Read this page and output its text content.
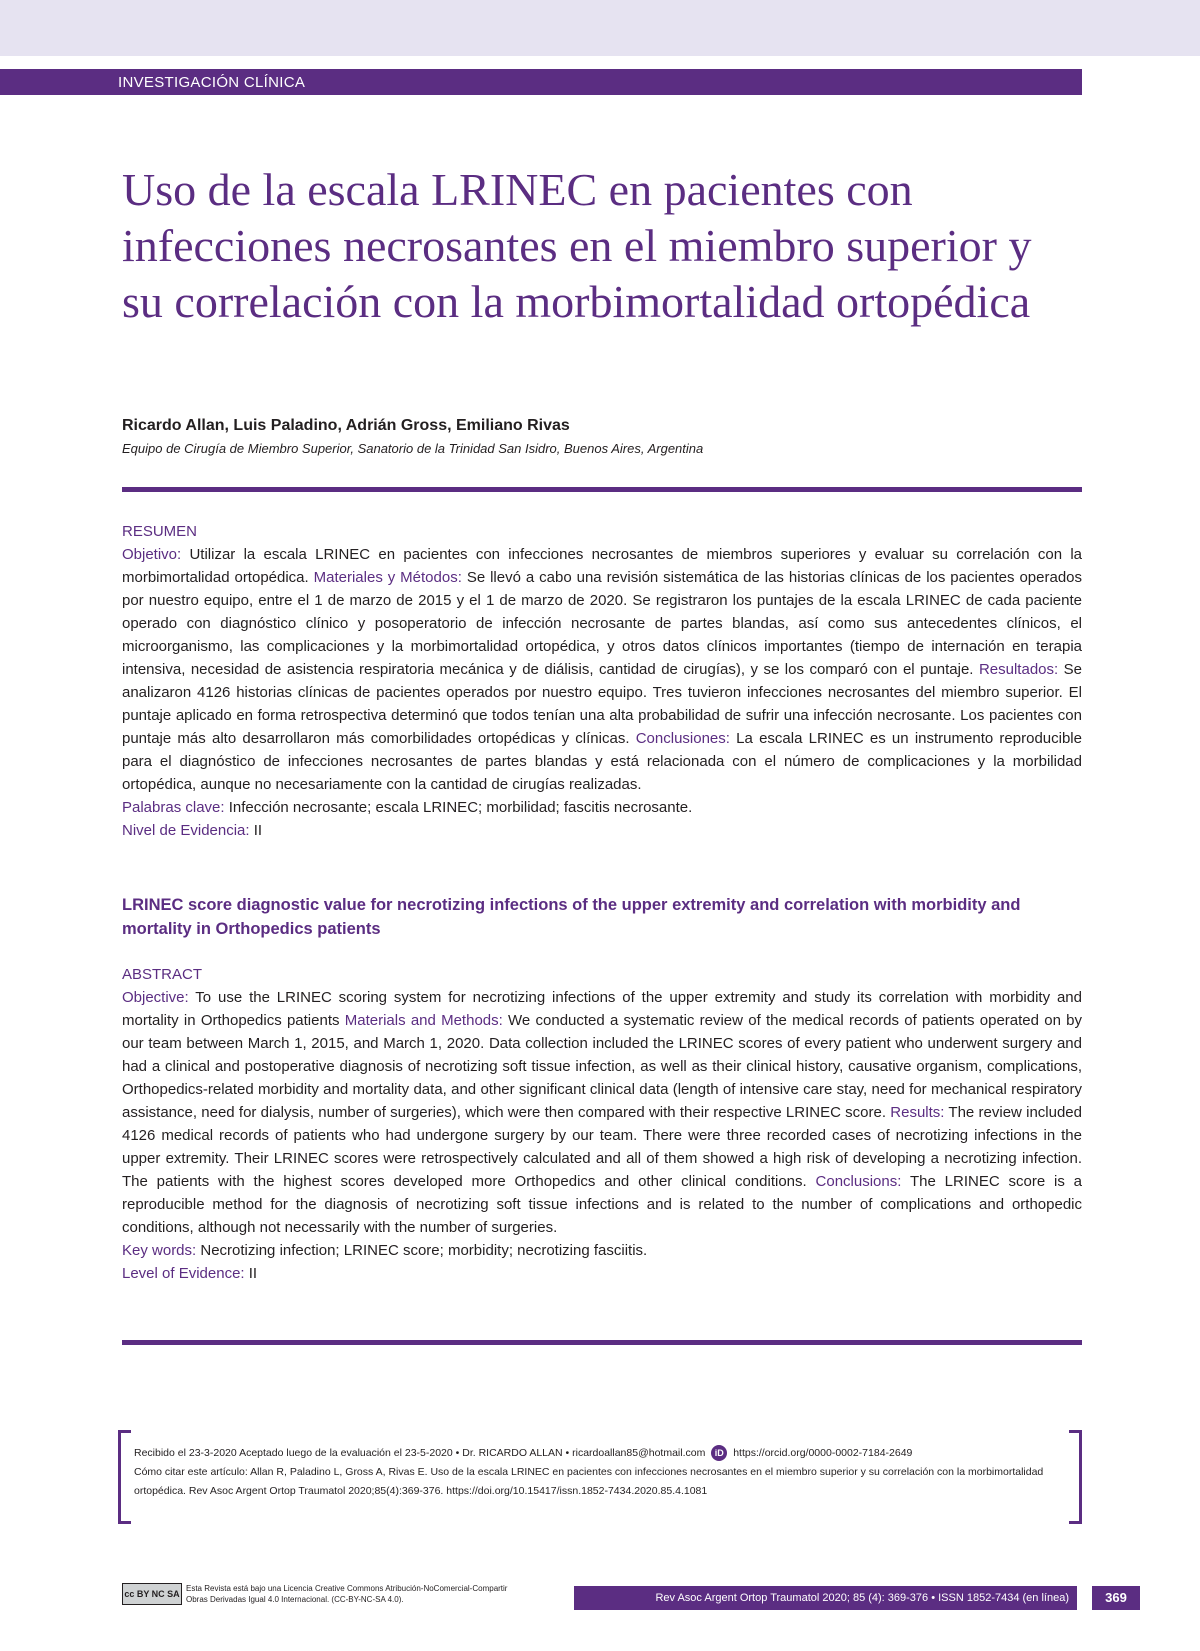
INVESTIGACIÓN CLÍNICA
Uso de la escala LRINEC en pacientes con infecciones necrosantes en el miembro superior y su correlación con la morbimortalidad ortopédica
Ricardo Allan, Luis Paladino, Adrián Gross, Emiliano Rivas
Equipo de Cirugía de Miembro Superior, Sanatorio de la Trinidad San Isidro, Buenos Aires, Argentina
RESUMEN
Objetivo: Utilizar la escala LRINEC en pacientes con infecciones necrosantes de miembros superiores y evaluar su correlación con la morbimortalidad ortopédica. Materiales y Métodos: Se llevó a cabo una revisión sistemática de las historias clínicas de los pacientes operados por nuestro equipo, entre el 1 de marzo de 2015 y el 1 de marzo de 2020. Se registraron los puntajes de la escala LRINEC de cada paciente operado con diagnóstico clínico y posoperatorio de infección necrosante de partes blandas, así como sus antecedentes clínicos, el microorganismo, las complicaciones y la morbimortalidad ortopédica, y otros datos clínicos importantes (tiempo de internación en terapia intensiva, necesidad de asistencia respiratoria mecánica y de diálisis, cantidad de cirugías), y se los comparó con el puntaje. Resultados: Se analizaron 4126 historias clínicas de pacientes operados por nuestro equipo. Tres tuvieron infecciones necrosantes del miembro superior. El puntaje aplicado en forma retrospectiva determinó que todos tenían una alta probabilidad de sufrir una infección necrosante. Los pacientes con puntaje más alto desarrollaron más comorbilidades ortopédicas y clínicas. Conclusiones: La escala LRINEC es un instrumento reproducible para el diagnóstico de infecciones necrosantes de partes blandas y está relacionada con el número de complicaciones y la morbilidad ortopédica, aunque no necesariamente con la cantidad de cirugías realizadas.
Palabras clave: Infección necrosante; escala LRINEC; morbilidad; fascitis necrosante.
Nivel de Evidencia: II
LRINEC score diagnostic value for necrotizing infections of the upper extremity and correlation with morbidity and mortality in Orthopedics patients
ABSTRACT
Objective: To use the LRINEC scoring system for necrotizing infections of the upper extremity and study its correlation with morbidity and mortality in Orthopedics patients Materials and Methods: We conducted a systematic review of the medical records of patients operated on by our team between March 1, 2015, and March 1, 2020. Data collection included the LRINEC scores of every patient who underwent surgery and had a clinical and postoperative diagnosis of necrotizing soft tissue infection, as well as their clinical history, causative organism, complications, Orthopedics-related morbidity and mortality data, and other significant clinical data (length of intensive care stay, need for mechanical respiratory assistance, need for dialysis, number of surgeries), which were then compared with their respective LRINEC score. Results: The review included 4126 medical records of patients who had undergone surgery by our team. There were three recorded cases of necrotizing infections in the upper extremity. Their LRINEC scores were retrospectively calculated and all of them showed a high risk of developing a necrotizing infection. The patients with the highest scores developed more Orthopedics and other clinical conditions. Conclusions: The LRINEC score is a reproducible method for the diagnosis of necrotizing soft tissue infections and is related to the number of complications and orthopedic conditions, although not necessarily with the number of surgeries.
Key words: Necrotizing infection; LRINEC score; morbidity; necrotizing fasciitis.
Level of Evidence: II
Recibido el 23-3-2020 Aceptado luego de la evaluación el 23-5-2020 • Dr. RICARDO ALLAN • ricardoallan85@hotmail.com iD https://orcid.org/0000-0002-7184-2649
Cómo citar este artículo: Allan R, Paladino L, Gross A, Rivas E. Uso de la escala LRINEC en pacientes con infecciones necrosantes en el miembro superior y su correlación con la morbimortalidad ortopédica. Rev Asoc Argent Ortop Traumatol 2020;85(4):369-376. https://doi.org/10.15417/issn.1852-7434.2020.85.4.1081
cc BY NC SA
Esta Revista está bajo una Licencia Creative Commons Atribución-NoComercial-Compartir Obras Derivadas Igual 4.0 Internacional. (CC-BY-NC-SA 4.0).	Rev Asoc Argent Ortop Traumatol 2020; 85 (4): 369-376 • ISSN 1852-7434 (en línea)	369
